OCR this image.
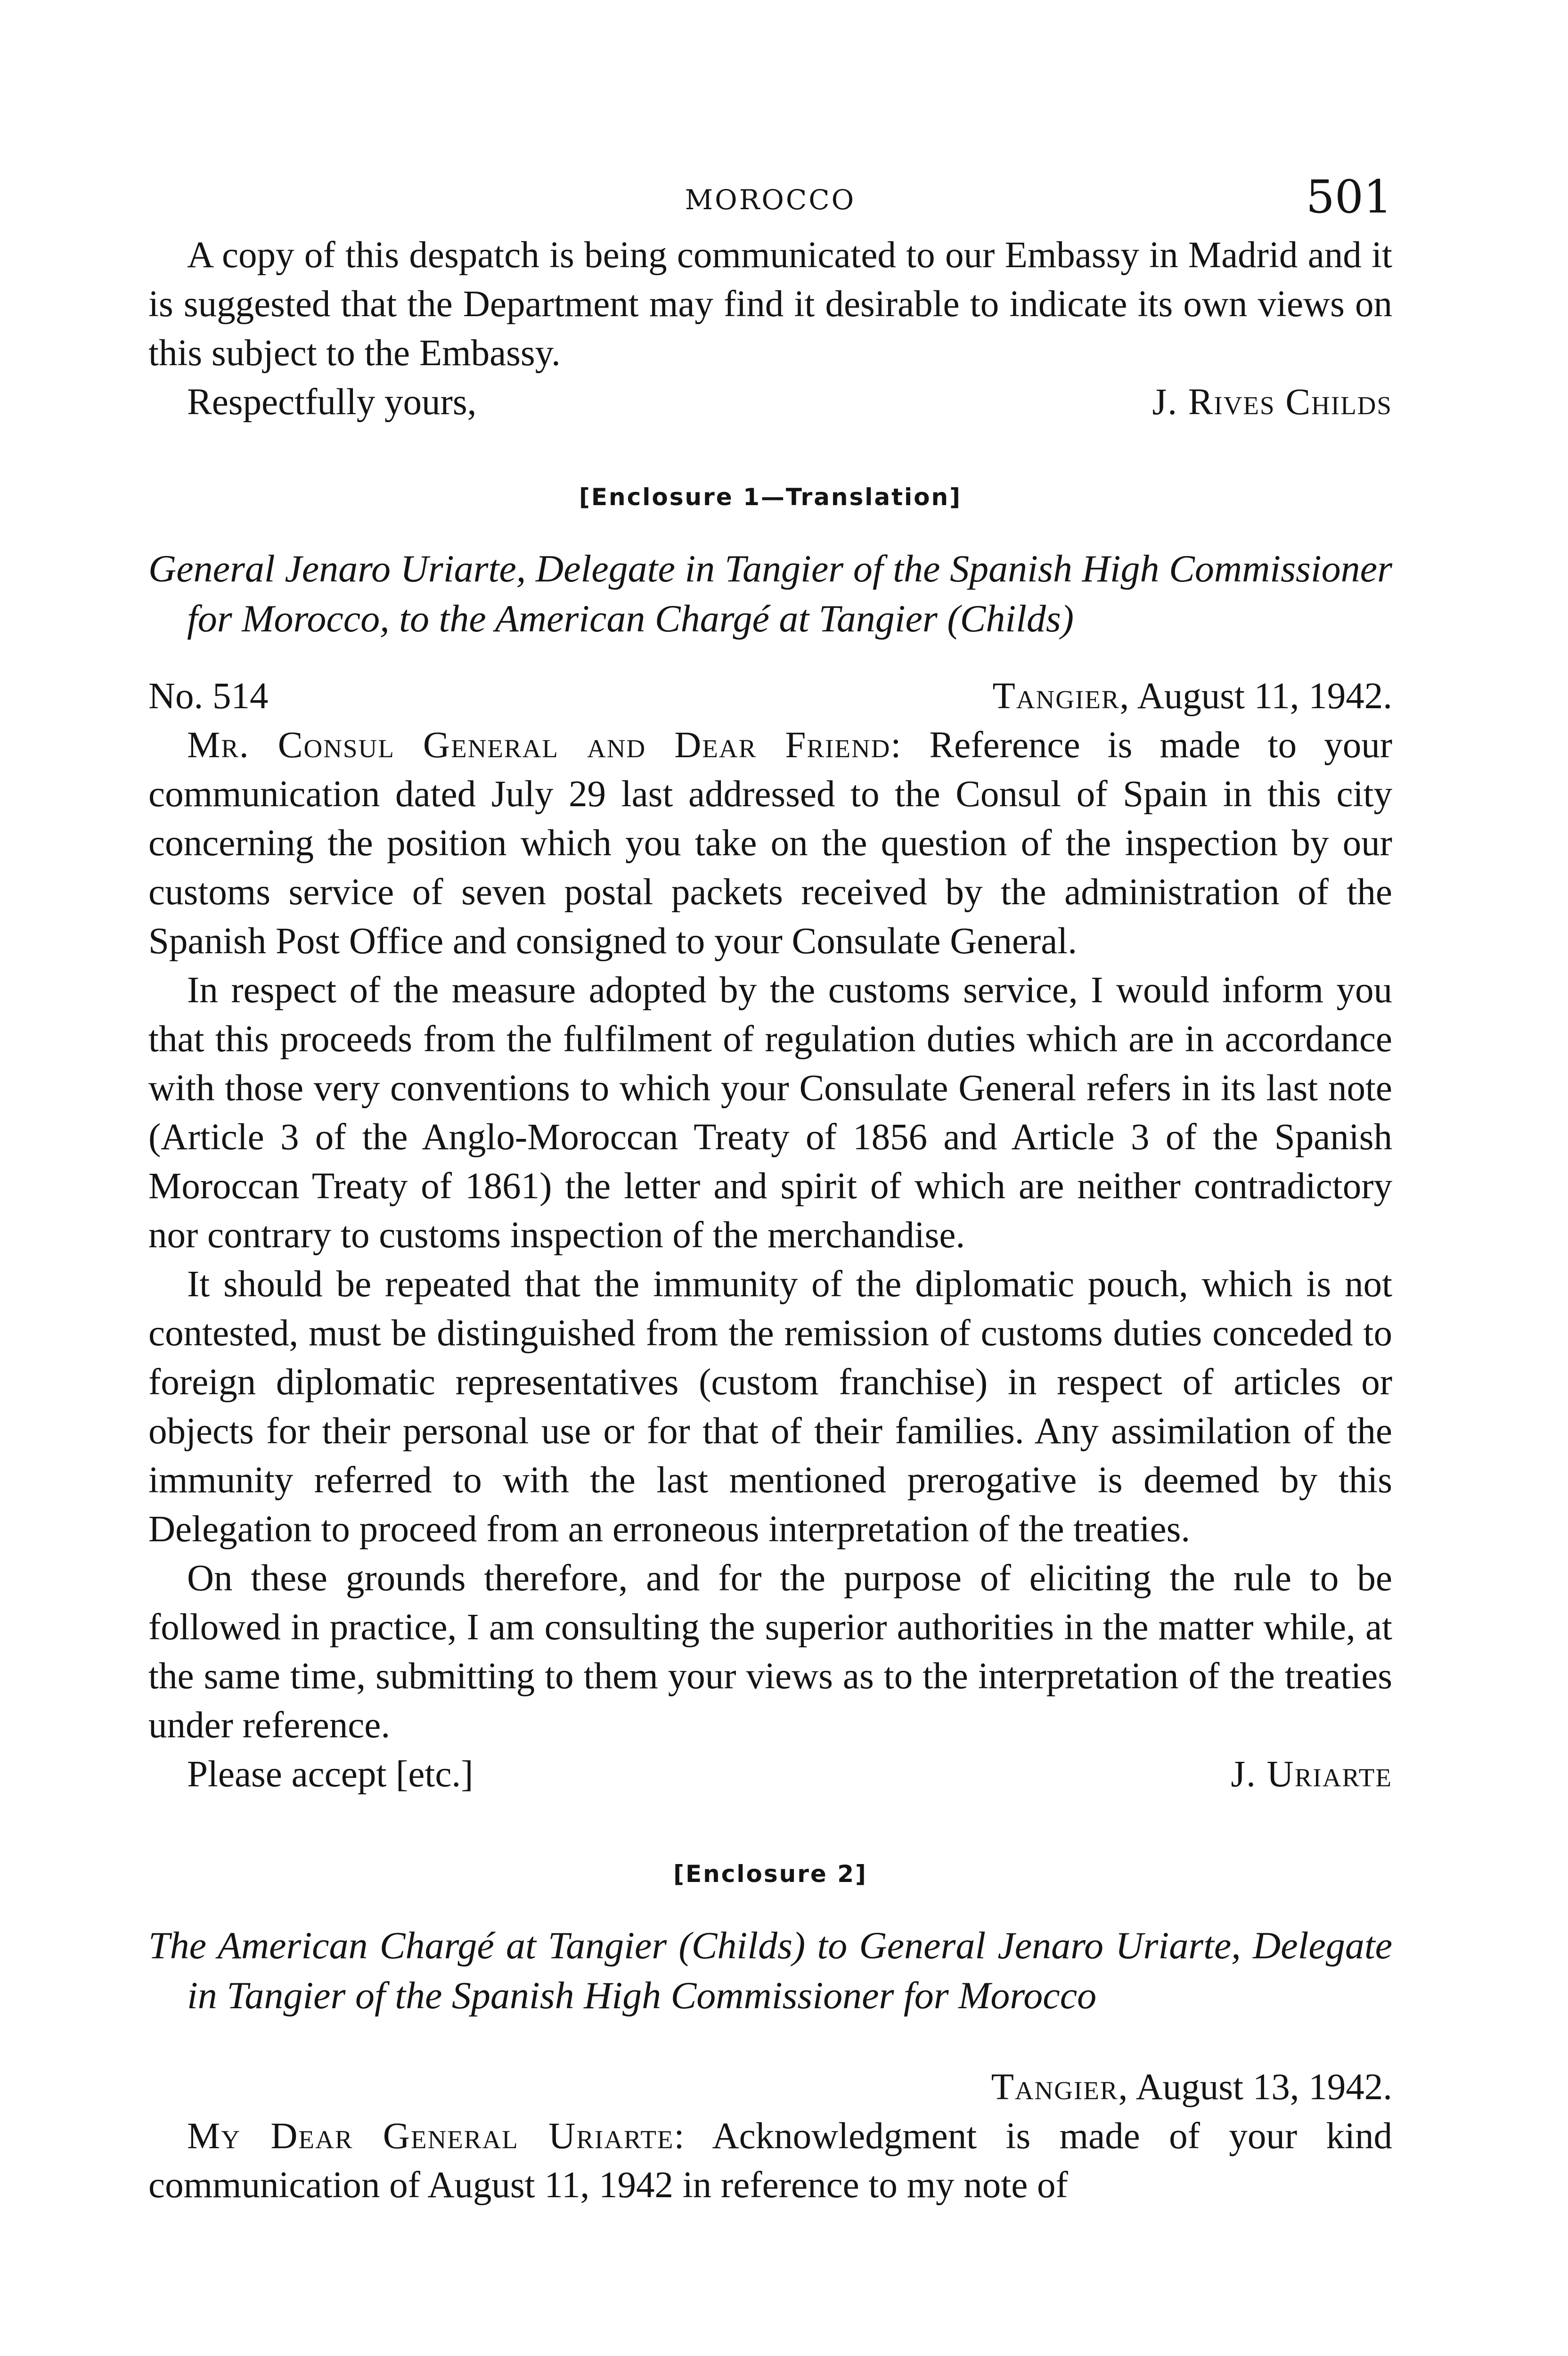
MOROCCO	501

A copy of this despatch is being communicated to our Embassy in Madrid and it is suggested that the Department may find it desirable to indicate its own views on this subject to the Embassy.

Respectfully yours,	J. Rives Childs

[Enclosure 1—Translation]

General Jenaro Uriarte, Delegate in Tangier of the Spanish High Commissioner for Morocco, to the American Chargé at Tangier (Childs)

No. 514	Tangier, August 11, 1942.

Mr. Consul General and Dear Friend: Reference is made to your communication dated July 29 last addressed to the Consul of Spain in this city concerning the position which you take on the question of the inspection by our customs service of seven postal packets received by the administration of the Spanish Post Office and consigned to your Consulate General.

In respect of the measure adopted by the customs service, I would inform you that this proceeds from the fulfilment of regulation duties which are in accordance with those very conventions to which your Consulate General refers in its last note (Article 3 of the Anglo-Moroccan Treaty of 1856 and Article 3 of the Spanish Moroccan Treaty of 1861) the letter and spirit of which are neither contradictory nor contrary to customs inspection of the merchandise.

It should be repeated that the immunity of the diplomatic pouch, which is not contested, must be distinguished from the remission of customs duties conceded to foreign diplomatic representatives (custom franchise) in respect of articles or objects for their personal use or for that of their families. Any assimilation of the immunity referred to with the last mentioned prerogative is deemed by this Delegation to proceed from an erroneous interpretation of the treaties.

On these grounds therefore, and for the purpose of eliciting the rule to be followed in practice, I am consulting the superior authorities in the matter while, at the same time, submitting to them your views as to the interpretation of the treaties under reference.

Please accept [etc.]	J. Uriarte

[Enclosure 2]

The American Chargé at Tangier (Childs) to General Jenaro Uriarte, Delegate in Tangier of the Spanish High Commissioner for Morocco

Tangier, August 13, 1942.

My Dear General Uriarte: Acknowledgment is made of your kind communication of August 11, 1942 in reference to my note of
